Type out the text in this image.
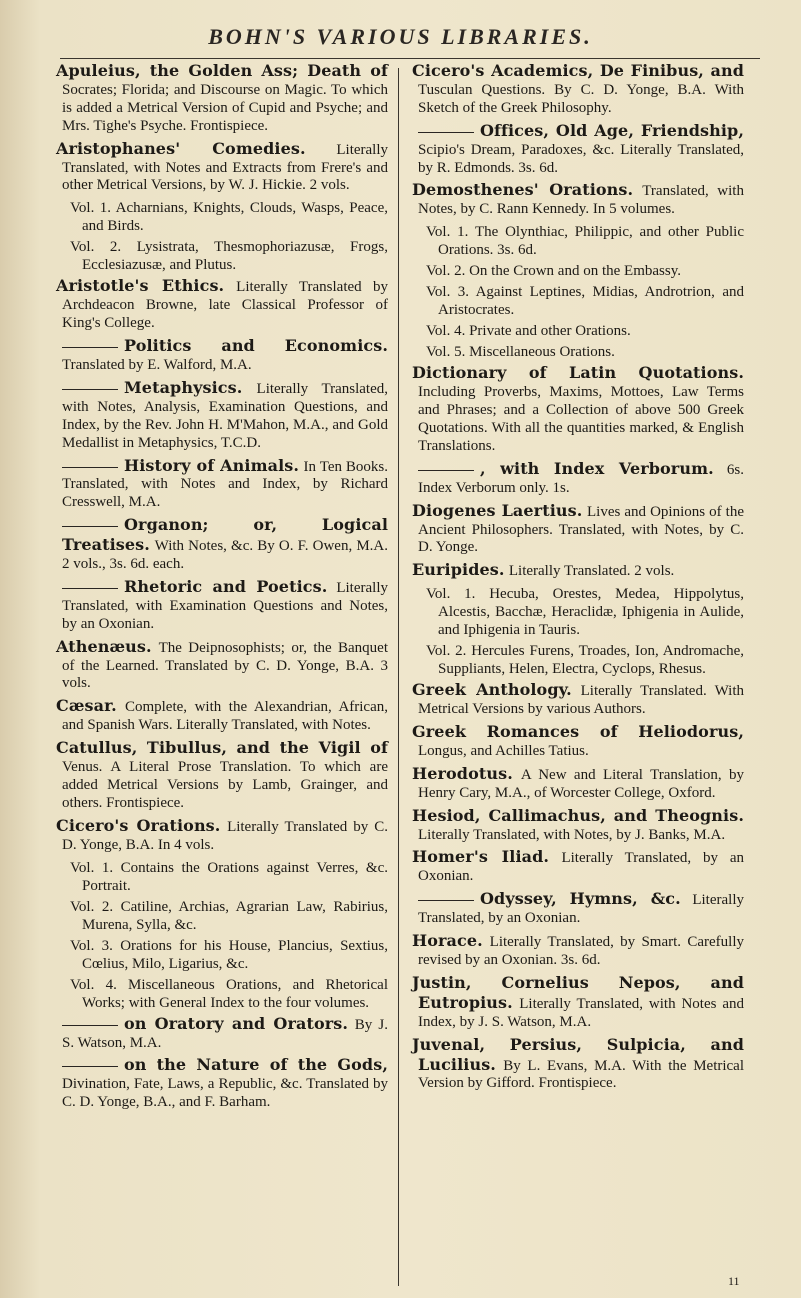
BOHN'S VARIOUS LIBRARIES.

Apuleius, the Golden Ass; Death of Socrates; Florida; and Discourse on Magic. To which is added a Metrical Version of Cupid and Psyche; and Mrs. Tighe's Psyche. Frontispiece.

Aristophanes' Comedies. Literally Translated, with Notes and Extracts from Frere's and other Metrical Versions, by W. J. Hickie. 2 vols.

Vol. 1. Acharnians, Knights, Clouds, Wasps, Peace, and Birds.

Vol. 2. Lysistrata, Thesmophoriazusæ, Frogs, Ecclesiazusæ, and Plutus.

Aristotle's Ethics. Literally Translated by Archdeacon Browne, late Classical Professor of King's College.

Politics and Economics. Translated by E. Walford, M.A.

Metaphysics. Literally Translated, with Notes, Analysis, Examination Questions, and Index, by the Rev. John H. M'Mahon, M.A., and Gold Medallist in Metaphysics, T.C.D.

History of Animals. In Ten Books. Translated, with Notes and Index, by Richard Cresswell, M.A.

Organon; or, Logical Treatises. With Notes, &c. By O. F. Owen, M.A. 2 vols., 3s. 6d. each.

Rhetoric and Poetics. Literally Translated, with Examination Questions and Notes, by an Oxonian.

Athenæus. The Deipnosophists; or, the Banquet of the Learned. Translated by C. D. Yonge, B.A. 3 vols.

Cæsar. Complete, with the Alexandrian, African, and Spanish Wars. Literally Translated, with Notes.

Catullus, Tibullus, and the Vigil of Venus. A Literal Prose Translation. To which are added Metrical Versions by Lamb, Grainger, and others. Frontispiece.

Cicero's Orations. Literally Translated by C. D. Yonge, B.A. In 4 vols.

Vol. 1. Contains the Orations against Verres, &c. Portrait.

Vol. 2. Catiline, Archias, Agrarian Law, Rabirius, Murena, Sylla, &c.

Vol. 3. Orations for his House, Plancius, Sextius, Cœlius, Milo, Ligarius, &c.

Vol. 4. Miscellaneous Orations, and Rhetorical Works; with General Index to the four volumes.

on Oratory and Orators. By J. S. Watson, M.A.

on the Nature of the Gods, Divination, Fate, Laws, a Republic, &c. Translated by C. D. Yonge, B.A., and F. Barham.

Cicero's Academics, De Finibus, and Tusculan Questions. By C. D. Yonge, B.A. With Sketch of the Greek Philosophy.

Offices, Old Age, Friendship, Scipio's Dream, Paradoxes, &c. Literally Translated, by R. Edmonds. 3s. 6d.

Demosthenes' Orations. Translated, with Notes, by C. Rann Kennedy. In 5 volumes.

Vol. 1. The Olynthiac, Philippic, and other Public Orations. 3s. 6d.

Vol. 2. On the Crown and on the Embassy.

Vol. 3. Against Leptines, Midias, Androtrion, and Aristocrates.

Vol. 4. Private and other Orations.

Vol. 5. Miscellaneous Orations.

Dictionary of Latin Quotations. Including Proverbs, Maxims, Mottoes, Law Terms and Phrases; and a Collection of above 500 Greek Quotations. With all the quantities marked, & English Translations.

, with Index Verborum. 6s. Index Verborum only. 1s.

Diogenes Laertius. Lives and Opinions of the Ancient Philosophers. Translated, with Notes, by C. D. Yonge.

Euripides. Literally Translated. 2 vols.

Vol. 1. Hecuba, Orestes, Medea, Hippolytus, Alcestis, Bacchæ, Heraclidæ, Iphigenia in Aulide, and Iphigenia in Tauris.

Vol. 2. Hercules Furens, Troades, Ion, Andromache, Suppliants, Helen, Electra, Cyclops, Rhesus.

Greek Anthology. Literally Translated. With Metrical Versions by various Authors.

Greek Romances of Heliodorus, Longus, and Achilles Tatius.

Herodotus. A New and Literal Translation, by Henry Cary, M.A., of Worcester College, Oxford.

Hesiod, Callimachus, and Theognis. Literally Translated, with Notes, by J. Banks, M.A.

Homer's Iliad. Literally Translated, by an Oxonian.

Odyssey, Hymns, &c. Literally Translated, by an Oxonian.

Horace. Literally Translated, by Smart. Carefully revised by an Oxonian. 3s. 6d.

Justin, Cornelius Nepos, and Eutropius. Literally Translated, with Notes and Index, by J. S. Watson, M.A.

Juvenal, Persius, Sulpicia, and Lucilius. By L. Evans, M.A. With the Metrical Version by Gifford. Frontispiece.

11
